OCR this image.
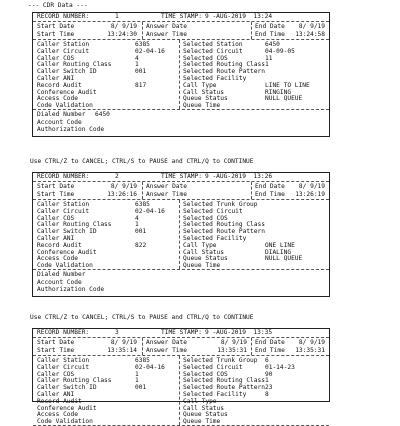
--- CDR Data ---
RECORD NUMBER:	1	TIME STAMP: 9 -AUG-2019  13:24
Start Date	8/ 9/19
Start Time	13:24:30
Answer Date
Answer Time
End Date 8/ 9/19
End Time 13:24:58
Caller Station	6385
Caller Circuit	02-04-16
Caller COS	4
Caller Routing Class	1
Caller Switch ID	001
Caller ANI
Record Audit	817
Conference Audit
Access Code
Code Validation
Selected Station	6450
Selected Circuit	04-09-05
Selected COS	11
Selected Routing Class 1
Selected Route Pattern
Selected Facility
Call Type	LINE TO LINE
Call Status	RINGING
Queue Status	NULL QUEUE
Queue Time
Dialed Number 6450
Account Code
Authorization Code
RECORD NUMBER:	2	TIME STAMP: 9 -AUG-2019  13:26
Start Date	8/ 9/19
Start Time	13:26:16
Answer Date
Answer Time
End Date 8/ 9/19
End Time 13:26:19
Caller Station	6385
Caller Circuit	02-04-16
Caller COS	4
Caller Routing Class	1
Caller Switch ID	001
Caller ANI
Record Audit	822
Conference Audit
Access Code
Code Validation
Selected Trunk Group
Selected Circuit
Selected COS
Selected Routing Class
Selected Route Pattern
Selected Facility
Call Type	ONE LINE
Call Status	DIALING
Queue Status	NULL QUEUE
Queue Time
Dialed Number
Account Code
Authorization Code
RECORD NUMBER:	3	TIME STAMP: 9 -AUG-2019  13:35
Start Date	8/ 9/19
Start Time	13:35:14
Answer Date	8/ 9/19
Answer Time	13:35:31
End Date 8/ 9/19
End Time 13:35:31
Caller Station	6385
Caller Circuit	02-04-16
Caller COS	1
Caller Routing Class	1
Caller Switch ID	001
Caller ANI
Record Audit
Conference Audit
Access Code
Code Validation
Selected Trunk Group 6
Selected Circuit	01-14-23
Selected COS	90
Selected Routing Class 1
Selected Route Pattern 23
Selected Facility	8
Call Type
Call Status
Queue Status
Queue Time
Use CTRL/Z to CANCEL; CTRL/S to PAUSE and CTRL/Q to CONTINUE
Use CTRL/Z to CANCEL; CTRL/S to PAUSE and CTRL/Q to CONTINUE
